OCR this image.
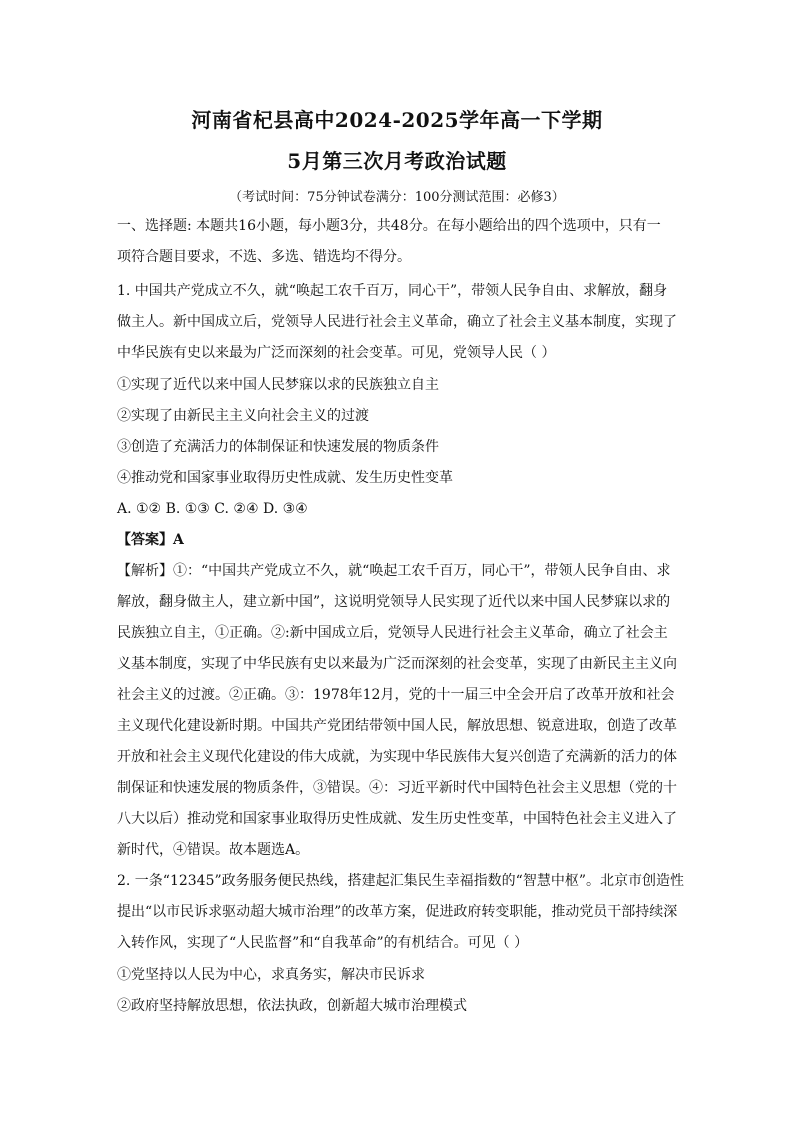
河南省杞县高中2024-2025学年高一下学期
5月第三次月考政治试题
（考试时间：75分钟试卷满分：100分测试范围：必修3）
一、选择题: 本题共16小题，每小题3分，共48分。在每小题给出的四个选项中，只有一
项符合题目要求，不选、多选、错选均不得分。
1. 中国共产党成立不久，就“唤起工农千百万，同心干”，带领人民争自由、求解放，翻身
做主人。新中国成立后，党领导人民进行社会主义革命，确立了社会主义基本制度，实现了
中华民族有史以来最为广泛而深刻的社会变革。可见，党领导人民（ ）
①实现了近代以来中国人民梦寐以求的民族独立自主
②实现了由新民主主义向社会主义的过渡
③创造了充满活力的体制保证和快速发展的物质条件
④推动党和国家事业取得历史性成就、发生历史性变革
A. ①② B. ①③ C. ②④ D. ③④
【答案】A
【解析】①：“中国共产党成立不久，就“唤起工农千百万，同心干”，带领人民争自由、求
解放，翻身做主人，建立新中国”，这说明党领导人民实现了近代以来中国人民梦寐以求的
民族独立自主，①正确。②:新中国成立后，党领导人民进行社会主义革命，确立了社会主
义基本制度，实现了中华民族有史以来最为广泛而深刻的社会变革，实现了由新民主主义向
社会主义的过渡。②正确。③：1978年12月，党的十一届三中全会开启了改革开放和社会
主义现代化建设新时期。中国共产党团结带领中国人民，解放思想、锐意进取，创造了改革
开放和社会主义现代化建设的伟大成就，为实现中华民族伟大复兴创造了充满新的活力的体
制保证和快速发展的物质条件，③错误。④：习近平新时代中国特色社会主义思想（党的十
八大以后）推动党和国家事业取得历史性成就、发生历史性变革，中国特色社会主义进入了
新时代，④错误。故本题选A。
2. 一条“12345”政务服务便民热线，搭建起汇集民生幸福指数的“智慧中枢”。北京市创造性
提出“以市民诉求驱动超大城市治理”的改革方案，促进政府转变职能，推动党员干部持续深
入转作风，实现了“人民监督”和“自我革命”的有机结合。可见（ ）
①党坚持以人民为中心，求真务实，解决市民诉求
②政府坚持解放思想，依法执政，创新超大城市治理模式
